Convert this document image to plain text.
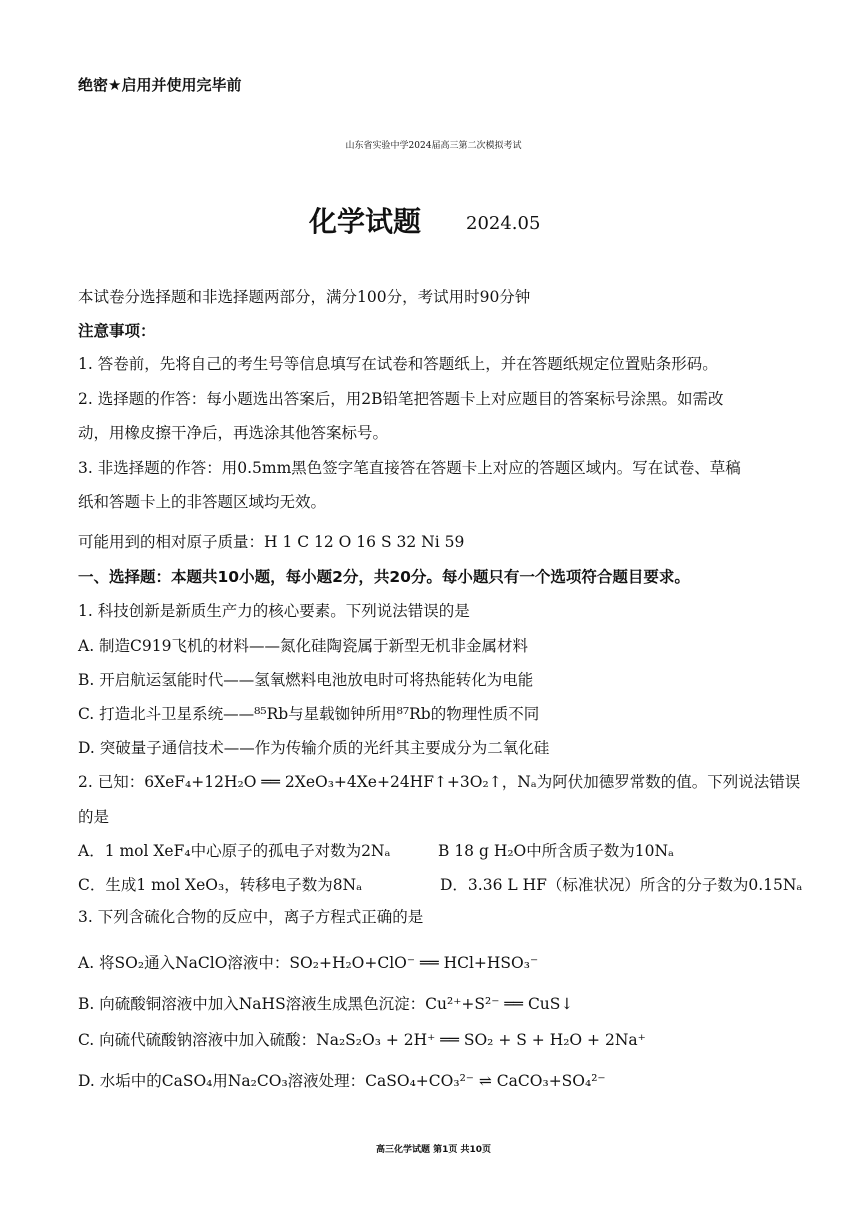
绝密★启用并使用完毕前
山东省实验中学2024届高三第二次模拟考试
化学试题 2024.05
本试卷分选择题和非选择题两部分，满分100分，考试用时90分钟
注意事项：
1. 答卷前，先将自己的考生号等信息填写在试卷和答题纸上，并在答题纸规定位置贴条形码。
2. 选择题的作答：每小题选出答案后，用2B铅笔把答题卡上对应题目的答案标号涂黑。如需改
动，用橡皮擦干净后，再选涂其他答案标号。
3. 非选择题的作答：用0.5mm黑色签字笔直接答在答题卡上对应的答题区域内。写在试卷、草稿
纸和答题卡上的非答题区域均无效。
可能用到的相对原子质量：H 1 C 12 O 16 S 32 Ni 59
一、选择题：本题共10小题，每小题2分，共20分。每小题只有一个选项符合题目要求。
1. 科技创新是新质生产力的核心要素。下列说法错误的是
A. 制造C919飞机的材料——氮化硅陶瓷属于新型无机非金属材料
B. 开启航运氢能时代——氢氧燃料电池放电时可将热能转化为电能
C. 打造北斗卫星系统——⁸⁵Rb与星载铷钟所用⁸⁷Rb的物理性质不同
D. 突破量子通信技术——作为传输介质的光纤其主要成分为二氧化硅
2. 已知：6XeF₄+12H₂O ══ 2XeO₃+4Xe+24HF↑+3O₂↑，Nₐ为阿伏加德罗常数的值。下列说法错误
的是
A．1 mol XeF₄中心原子的孤电子对数为2Nₐ	B 18 g H₂O中所含质子数为10Nₐ
C．生成1 mol XeO₃，转移电子数为8Nₐ	D．3.36 L HF（标准状况）所含的分子数为0.15Nₐ
3. 下列含硫化合物的反应中，离子方程式正确的是
A. 将SO₂通入NaClO溶液中：SO₂+H₂O+ClO⁻ ══ HCl+HSO₃⁻
B. 向硫酸铜溶液中加入NaHS溶液生成黑色沉淀：Cu²⁺+S²⁻ ══ CuS↓
C. 向硫代硫酸钠溶液中加入硫酸：Na₂S₂O₃ + 2H⁺ ══ SO₂ + S + H₂O + 2Na⁺
D. 水垢中的CaSO₄用Na₂CO₃溶液处理：CaSO₄+CO₃²⁻ ⇌ CaCO₃+SO₄²⁻
高三化学试题 第1页 共10页
